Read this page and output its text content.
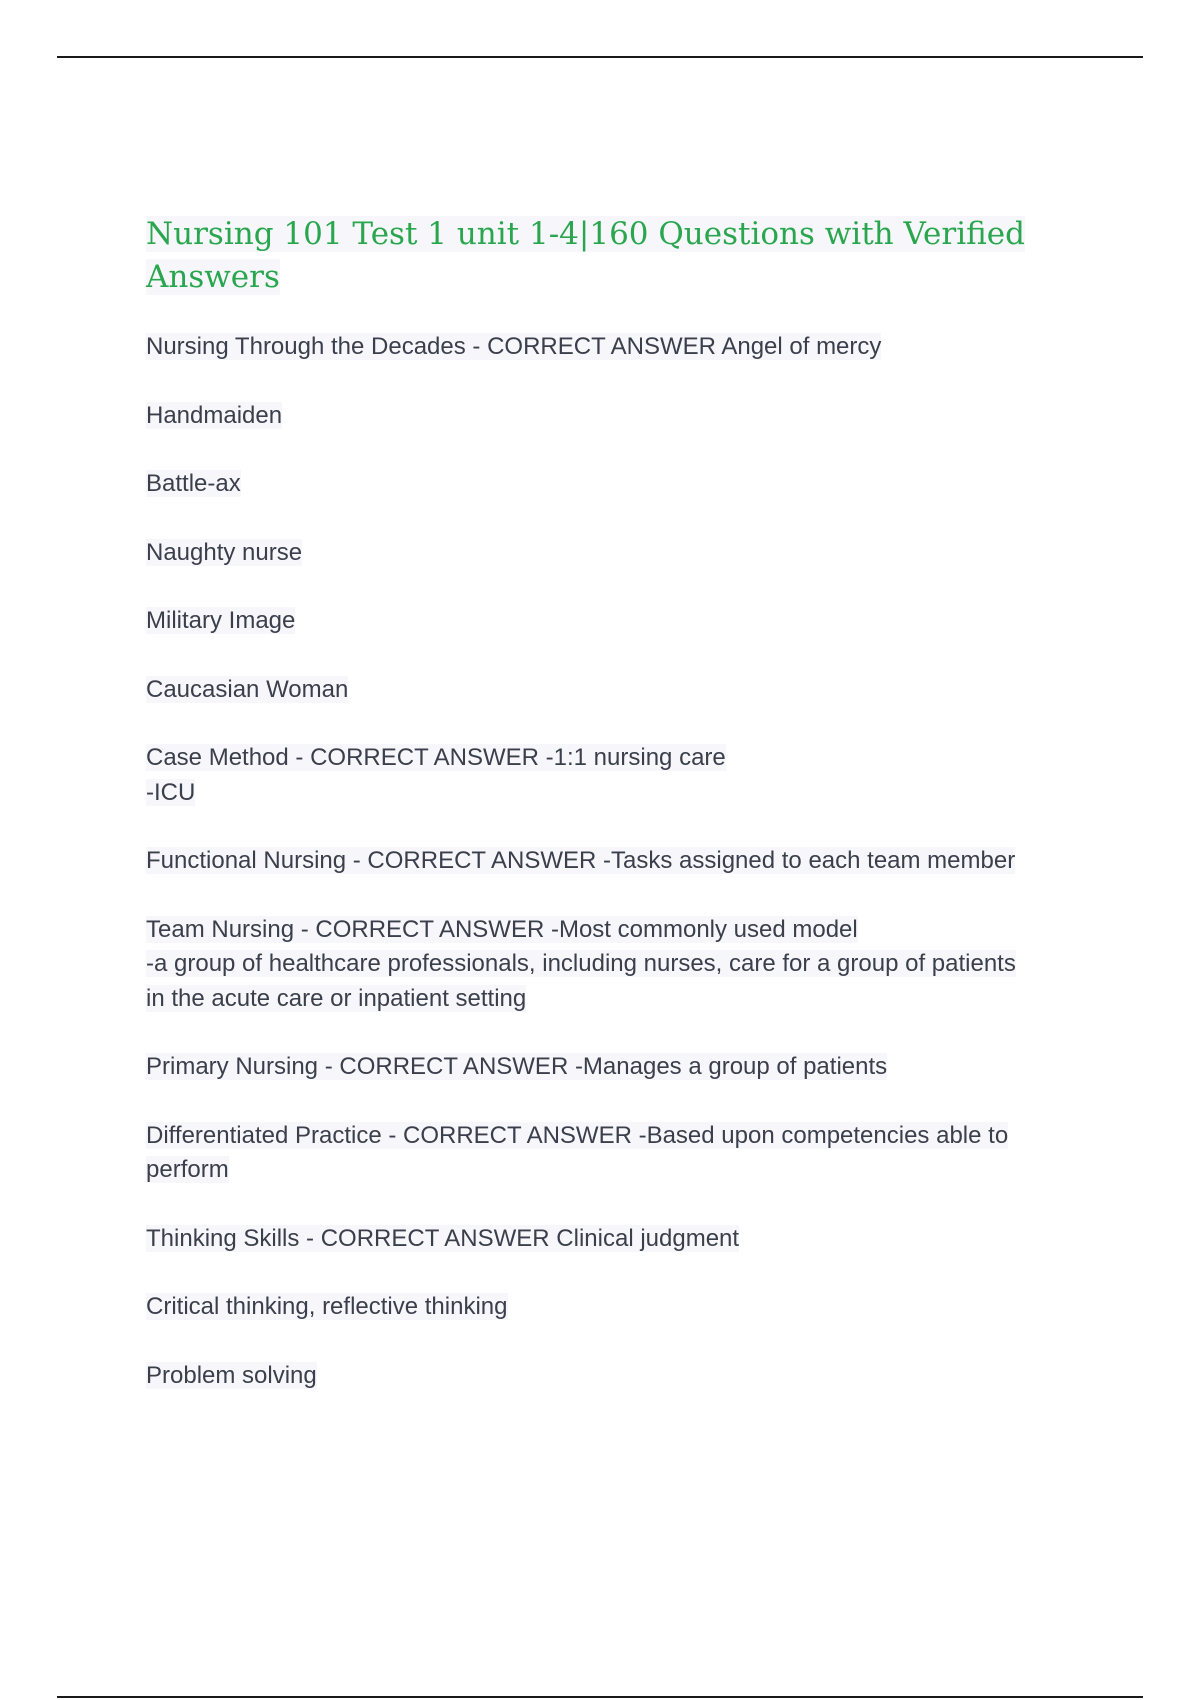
Nursing 101 Test 1 unit 1-4|160 Questions with Verified Answers
Nursing Through the Decades - CORRECT ANSWER Angel of mercy
Handmaiden
Battle-ax
Naughty nurse
Military Image
Caucasian Woman
Case Method - CORRECT ANSWER -1:1 nursing care
-ICU
Functional Nursing - CORRECT ANSWER -Tasks assigned to each team member
Team Nursing - CORRECT ANSWER -Most commonly used model
-a group of healthcare professionals, including nurses, care for a group of patients
in the acute care or inpatient setting
Primary Nursing - CORRECT ANSWER -Manages a group of patients
Differentiated Practice - CORRECT ANSWER -Based upon competencies able to
perform
Thinking Skills - CORRECT ANSWER Clinical judgment
Critical thinking, reflective thinking
Problem solving
